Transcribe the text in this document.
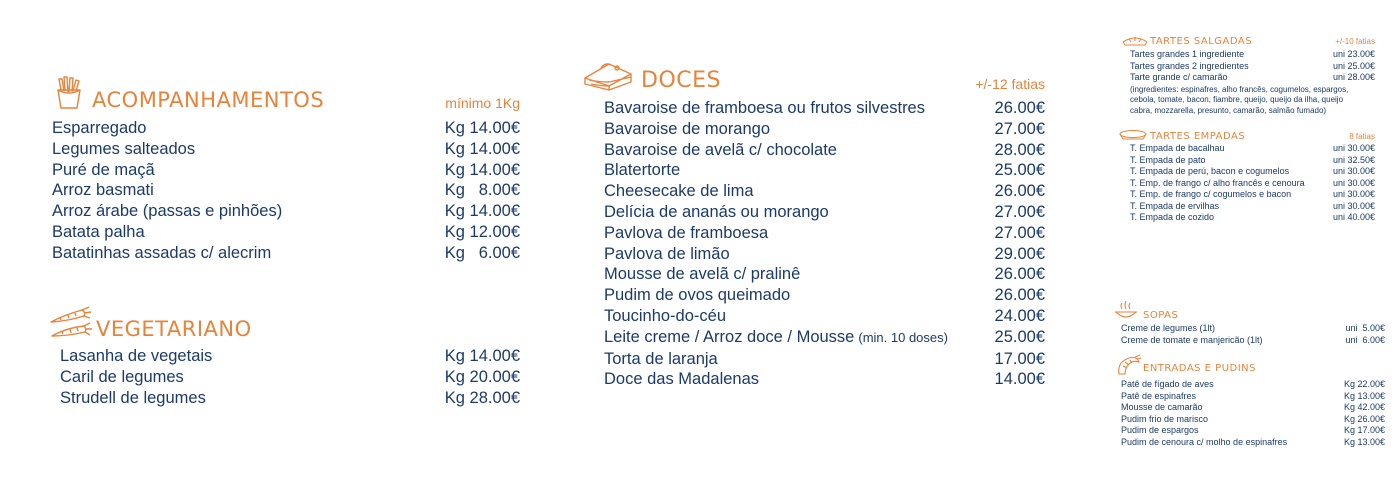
ACOMPANHAMENTOS	mínimo 1Kg
Esparregado	Kg 14.00€
Legumes salteados	Kg 14.00€
Puré de maçã	Kg 14.00€
Arroz basmati	Kg   8.00€
Arroz árabe (passas e pinhões)	Kg 14.00€
Batata palha	Kg 12.00€
Batatinhas assadas c/ alecrim	Kg   6.00€
VEGETARIANO
Lasanha de vegetais	Kg 14.00€
Caril de legumes	Kg 20.00€
Strudell de legumes	Kg 28.00€
DOCES	+/-12 fatias
Bavaroise de framboesa ou frutos silvestres	26.00€
Bavaroise de morango	27.00€
Bavaroise de avelã c/ chocolate	28.00€
Blatertorte	25.00€
Cheesecake de lima	26.00€
Delícia de ananás ou morango	27.00€
Pavlova de framboesa	27.00€
Pavlova de limão	29.00€
Mousse de avelã c/ pralinê	26.00€
Pudim de ovos queimado	26.00€
Toucinho-do-céu	24.00€
Leite creme / Arroz doce / Mousse (min. 10 doses)	25.00€
Torta de laranja	17.00€
Doce das Madalenas	14.00€
TARTES SALGADAS	+/-10 fatias
Tartes grandes 1 ingrediente	uni 23.00€
Tartes grandes 2 ingredientes	uni 25.00€
Tarte grande c/ camarão	uni 28.00€
(ingredientes: espinafres, alho francês, cogumelos, espargos, cebola, tomate, bacon, fiambre, queijo, queijo da ilha, queijo cabra, mozzarella, presunto, camarão, salmão fumado)
TARTES EMPADAS	8 fatias
T. Empada de bacalhau	uni 30.00€
T. Empada de pato	uni 32.50€
T. Empada de perú, bacon e cogumelos	uni 30.00€
T. Emp. de frango c/ alho francês e cenoura	uni 30.00€
T. Emp. de frango c/ cogumelos e bacon	uni 30.00€
T. Empada de ervilhas	uni 30.00€
T. Empada de cozido	uni 40.00€
SOPAS
Creme de legumes (1lt)	uni  5.00€
Creme de tomate e manjericão (1lt)	uni  6.00€
ENTRADAS E PUDINS
Patê de fígado de aves	Kg 22.00€
Patê de espinafres	Kg 13.00€
Mousse de camarão	Kg 42.00€
Pudim frio de marisco	Kg 26.00€
Pudim de espargos	Kg 17.00€
Pudim de cenoura c/ molho de espinafres	Kg 13.00€
